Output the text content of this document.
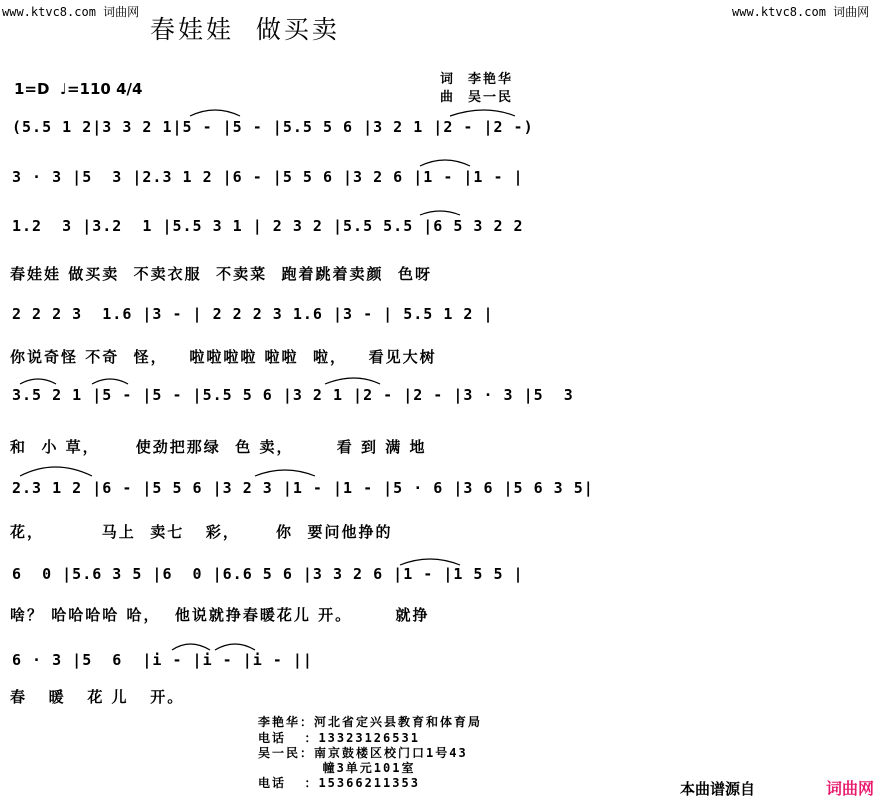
www.ktvc8.com 词曲网	www.ktvc8.com 词曲网
春娃娃  做买卖
1=D  ♩=110 4/4
词  李艳华
曲  吴一民
(5.5 1 2|3 3 2 1|5 - |5 - |5.5 5 6 |3 2 1 |2 - |2 -)
3 · 3 |5  3 |2.3 1 2 |6 - |5 5 6 |3 2 6 |1 - |1 - |
1.2  3 |3.2  1 |5.5 3 1 | 2 3 2 |5.5 5.5 |6 5 3 2 2
春娃娃 做买卖  不卖衣服  不卖菜  跑着跳着卖颜  色呀
2 2 2 3  1.6 |3 - | 2 2 2 3 1.6 |3 - | 5.5 1 2 |
你说奇怪 不奇  怪，   啦啦啦啦 啦啦  啦，   看见大树
3.5 2 1 |5 - |5 - |5.5 5 6 |3 2 1 |2 - |2 - |3 · 3 |5  3
和  小 草，     使劲把那绿  色 卖，      看 到 满 地
2.3 1 2 |6 - |5 5 6 |3 2 3 |1 - |1 - |5 · 6 |3 6 |5 6 3 5|
花，        马上  卖七   彩，     你  要问他挣的
6  0 |5.6 3 5 |6  0 |6.6 5 6 |3 3 2 6 |1 - |1 5 5 |
啥？ 哈哈哈哈 哈，  他说就挣春暖花儿 开。      就挣
6 · 3 |5  6  |i - |i - |i - ||
春   暖   花 儿   开。
李艳华：河北省定兴县教育和体育局
电话  ：13323126531
吴一民：南京鼓楼区校门口1号43
幢3单元101室
电话  ：15366211353	本曲谱源自	词曲网
